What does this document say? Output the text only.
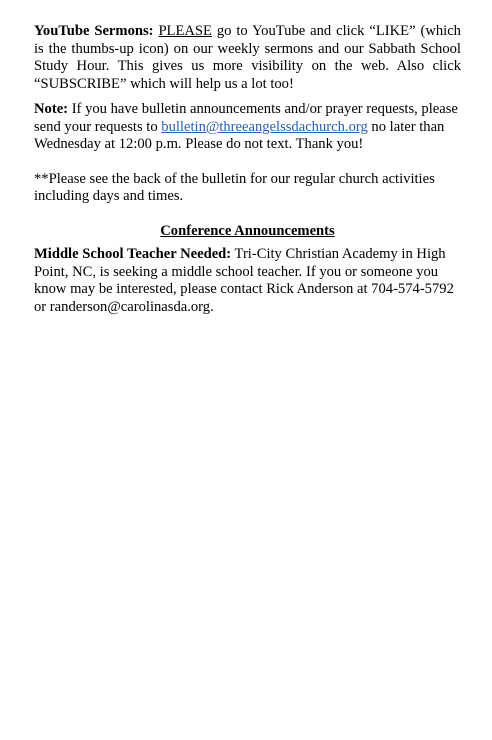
YouTube Sermons: PLEASE go to YouTube and click “LIKE” (which is the thumbs-up icon) on our weekly sermons and our Sabbath School Study Hour. This gives us more visibility on the web. Also click “SUBSCRIBE” which will help us a lot too!

Note: If you have bulletin announcements and/or prayer requests, please send your requests to bulletin@threeangelssdachurch.org no later than Wednesday at 12:00 p.m. Please do not text. Thank you!

**Please see the back of the bulletin for our regular church activities including days and times.

Conference Announcements

Middle School Teacher Needed: Tri-City Christian Academy in High Point, NC, is seeking a middle school teacher. If you or someone you know may be interested, please contact Rick Anderson at 704-574-5792 or randerson@carolinasda.org.
